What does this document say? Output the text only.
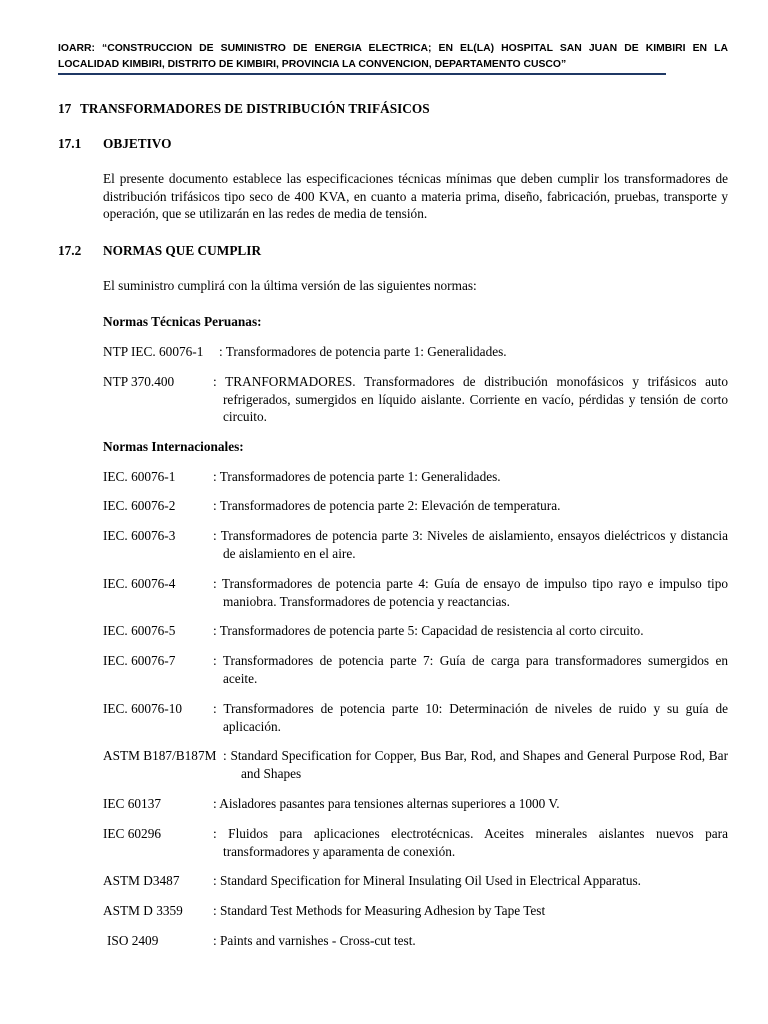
IOARR: “CONSTRUCCION DE SUMINISTRO DE ENERGIA ELECTRICA; EN EL(LA) HOSPITAL SAN JUAN DE KIMBIRI EN LA LOCALIDAD KIMBIRI, DISTRITO DE KIMBIRI, PROVINCIA LA CONVENCION, DEPARTAMENTO CUSCO”
17 TRANSFORMADORES DE DISTRIBUCIÓN TRIFÁSICOS
17.1 OBJETIVO
El presente documento establece las especificaciones técnicas mínimas que deben cumplir los transformadores de distribución trifásicos tipo seco de 400 KVA, en cuanto a materia prima, diseño, fabricación, pruebas, transporte y operación, que se utilizarán en las redes de media de tensión.
17.2 NORMAS QUE CUMPLIR
El suministro cumplirá con la última versión de las siguientes normas:
Normas Técnicas Peruanas:
NTP IEC. 60076-1 : Transformadores de potencia parte 1: Generalidades.
NTP 370.400	: TRANFORMADORES. Transformadores de distribución monofásicos y trifásicos auto refrigerados, sumergidos en líquido aislante. Corriente en vacío, pérdidas y tensión de corto circuito.
Normas Internacionales:
IEC. 60076-1	: Transformadores de potencia parte 1: Generalidades.
IEC. 60076-2	: Transformadores de potencia parte 2: Elevación de temperatura.
IEC. 60076-3	: Transformadores de potencia parte 3: Niveles de aislamiento, ensayos dieléctricos y distancia de aislamiento en el aire.
IEC. 60076-4	: Transformadores de potencia parte 4: Guía de ensayo de impulso tipo rayo e impulso tipo maniobra. Transformadores de potencia y reactancias.
IEC. 60076-5	: Transformadores de potencia parte 5: Capacidad de resistencia al corto circuito.
IEC. 60076-7	: Transformadores de potencia parte 7: Guía de carga para transformadores sumergidos en aceite.
IEC. 60076-10 : Transformadores de potencia parte 10: Determinación de niveles de ruido y su guía de aplicación.
ASTM B187/B187M : Standard Specification for Copper, Bus Bar, Rod, and Shapes and General Purpose Rod, Bar and Shapes
IEC 60137	: Aisladores pasantes para tensiones alternas superiores a 1000 V.
IEC 60296	: Fluidos para aplicaciones electrotécnicas. Aceites minerales aislantes nuevos para transformadores y aparamenta de conexión.
ASTM D3487	: Standard Specification for Mineral Insulating Oil Used in Electrical Apparatus.
ASTM D 3359 : Standard Test Methods for Measuring Adhesion by Tape Test
ISO 2409	: Paints and varnishes - Cross-cut test.
